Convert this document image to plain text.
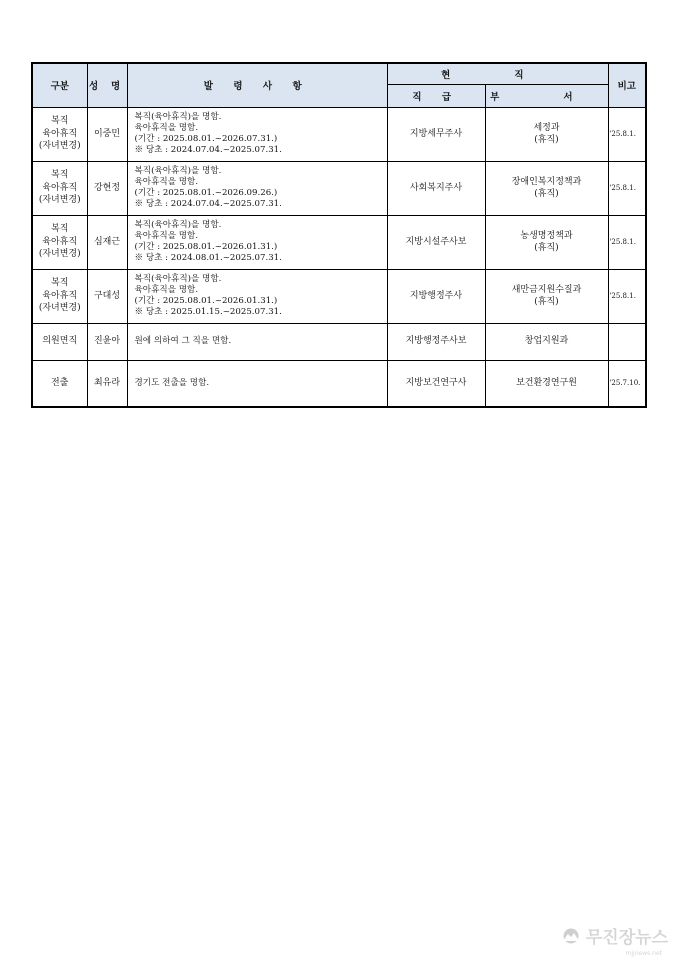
구분	성 명	발 령 사 항	현 직		비고
			직 급	부 서	

복직
육아휴직
(자녀변경)	이중민	복직(육아휴직)을 명함.
육아휴직을 명함.
(기간 : 2025.08.01.~2026.07.31.)
※ 당초 : 2024.07.04.~2025.07.31.	지방세무주사	세정과
(휴직)	'25.8.1.

복직
육아휴직
(자녀변경)	강현정	복직(육아휴직)을 명함.
육아휴직을 명함.
(기간 : 2025.08.01.~2026.09.26.)
※ 당초 : 2024.07.04.~2025.07.31.	사회복지주사	장애인복지정책과
(휴직)	'25.8.1.

복직
육아휴직
(자녀변경)	심재근	복직(육아휴직)을 명함.
육아휴직을 명함.
(기간 : 2025.08.01.~2026.01.31.)
※ 당초 : 2024.08.01.~2025.07.31.	지방시설주사보	농생명정책과
(휴직)	'25.8.1.

복직
육아휴직
(자녀변경)	구대성	복직(육아휴직)을 명함.
육아휴직을 명함.
(기간 : 2025.08.01.~2026.01.31.)
※ 당초 : 2025.01.15.~2025.07.31.	지방행정주사	새만금지원수질과
(휴직)	'25.8.1.

의원면직	진윤아	원에 의하여 그 직을 면함.	지방행정주사보	창업지원과	

전출	최유라	경기도 전출을 명함.	지방보건연구사	보건환경연구원	'25.7.10.
무진장뉴스
mjjnews.net
